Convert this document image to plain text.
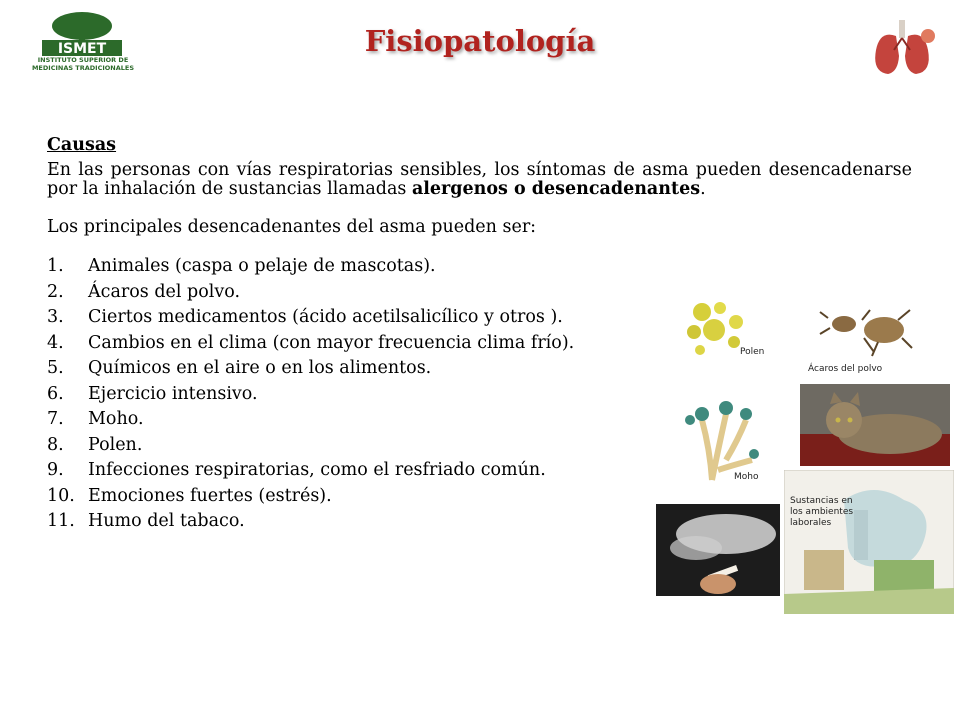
ISMET
INSTITUTO SUPERIOR DE
MEDICINAS TRADICIONALES
Fisiopatología
Causas

En las personas con vías respiratorias sensibles, los síntomas de asma pueden desencadenarse por la inhalación de sustancias llamadas alergenos o desencadenantes.

Los principales desencadenantes del asma pueden ser:

1. Animales (caspa o pelaje de mascotas).
2. Ácaros del polvo.
3. Ciertos medicamentos (ácido acetilsalicílico y otros ).
4. Cambios en el clima (con mayor frecuencia clima frío).
5. Químicos en el aire o en los alimentos.
6. Ejercicio intensivo.
7. Moho.
8. Polen.
9. Infecciones respiratorias, como el resfriado común.
10. Emociones fuertes (estrés).
11. Humo del tabaco.
Polen
Ácaros del polvo
Moho
Sustancias en
los ambientes
laborales
